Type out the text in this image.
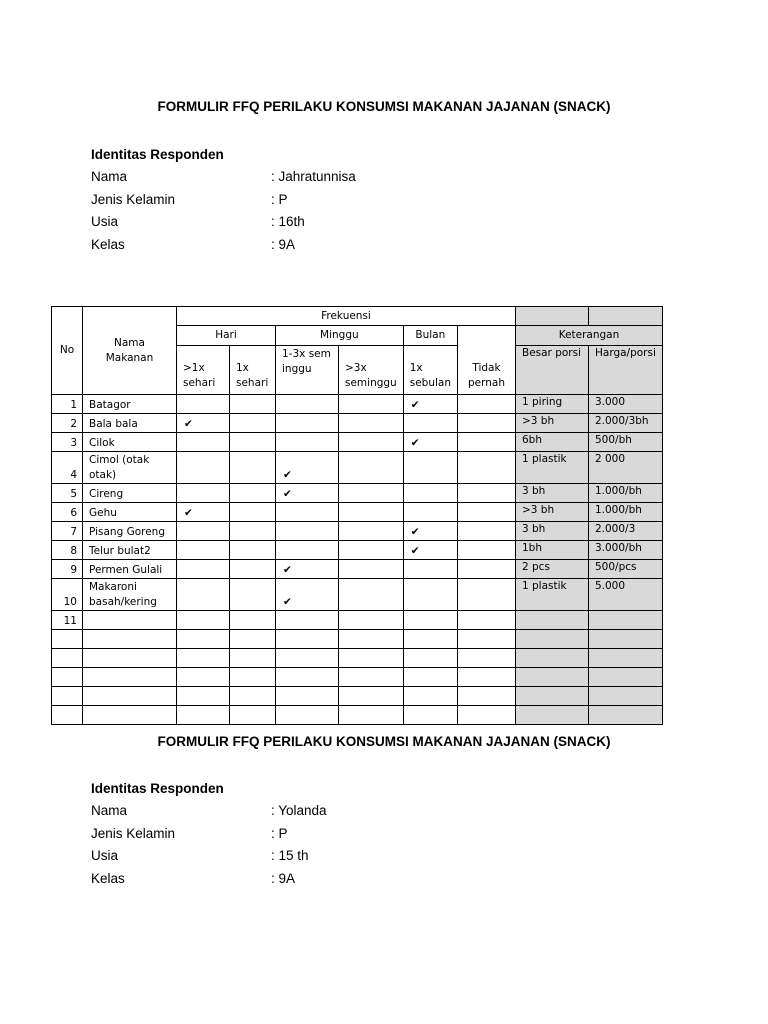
FORMULIR FFQ PERILAKU KONSUMSI MAKANAN JAJANAN (SNACK)
Identitas Responden
Nama	: Jahratunnisa
Jenis Kelamin	: P
Usia	: 16th
Kelas	: 9A
No	Nama Makanan	Frekuensi							
		Hari		Minggu		Bulan	Tidak pernah	Keterangan	
		>1x sehari	1x sehari	1-3x seminggu	>3x seminggu	1x sebulan		Besar porsi	Harga/porsi
1	Batagor					✔		1 piring	3.000
2	Bala bala	✔						>3 bh	2.000/3bh
3	Cilok					✔		6bh	500/bh
4	Cimol (otak otak)			✔				1 plastik	2 000
5	Cireng			✔				3 bh	1.000/bh
6	Gehu	✔						>3 bh	1.000/bh
7	Pisang Goreng					✔		3 bh	2.000/3
8	Telur bulat2					✔		1bh	3.000/bh
9	Permen Gulali			✔				2 pcs	500/pcs
10	Makaroni basah/kering			✔				1 plastik	5.000
11									

FORMULIR FFQ PERILAKU KONSUMSI MAKANAN JAJANAN (SNACK)
Identitas Responden
Nama	: Yolanda
Jenis Kelamin	: P
Usia	: 15 th
Kelas	: 9A
